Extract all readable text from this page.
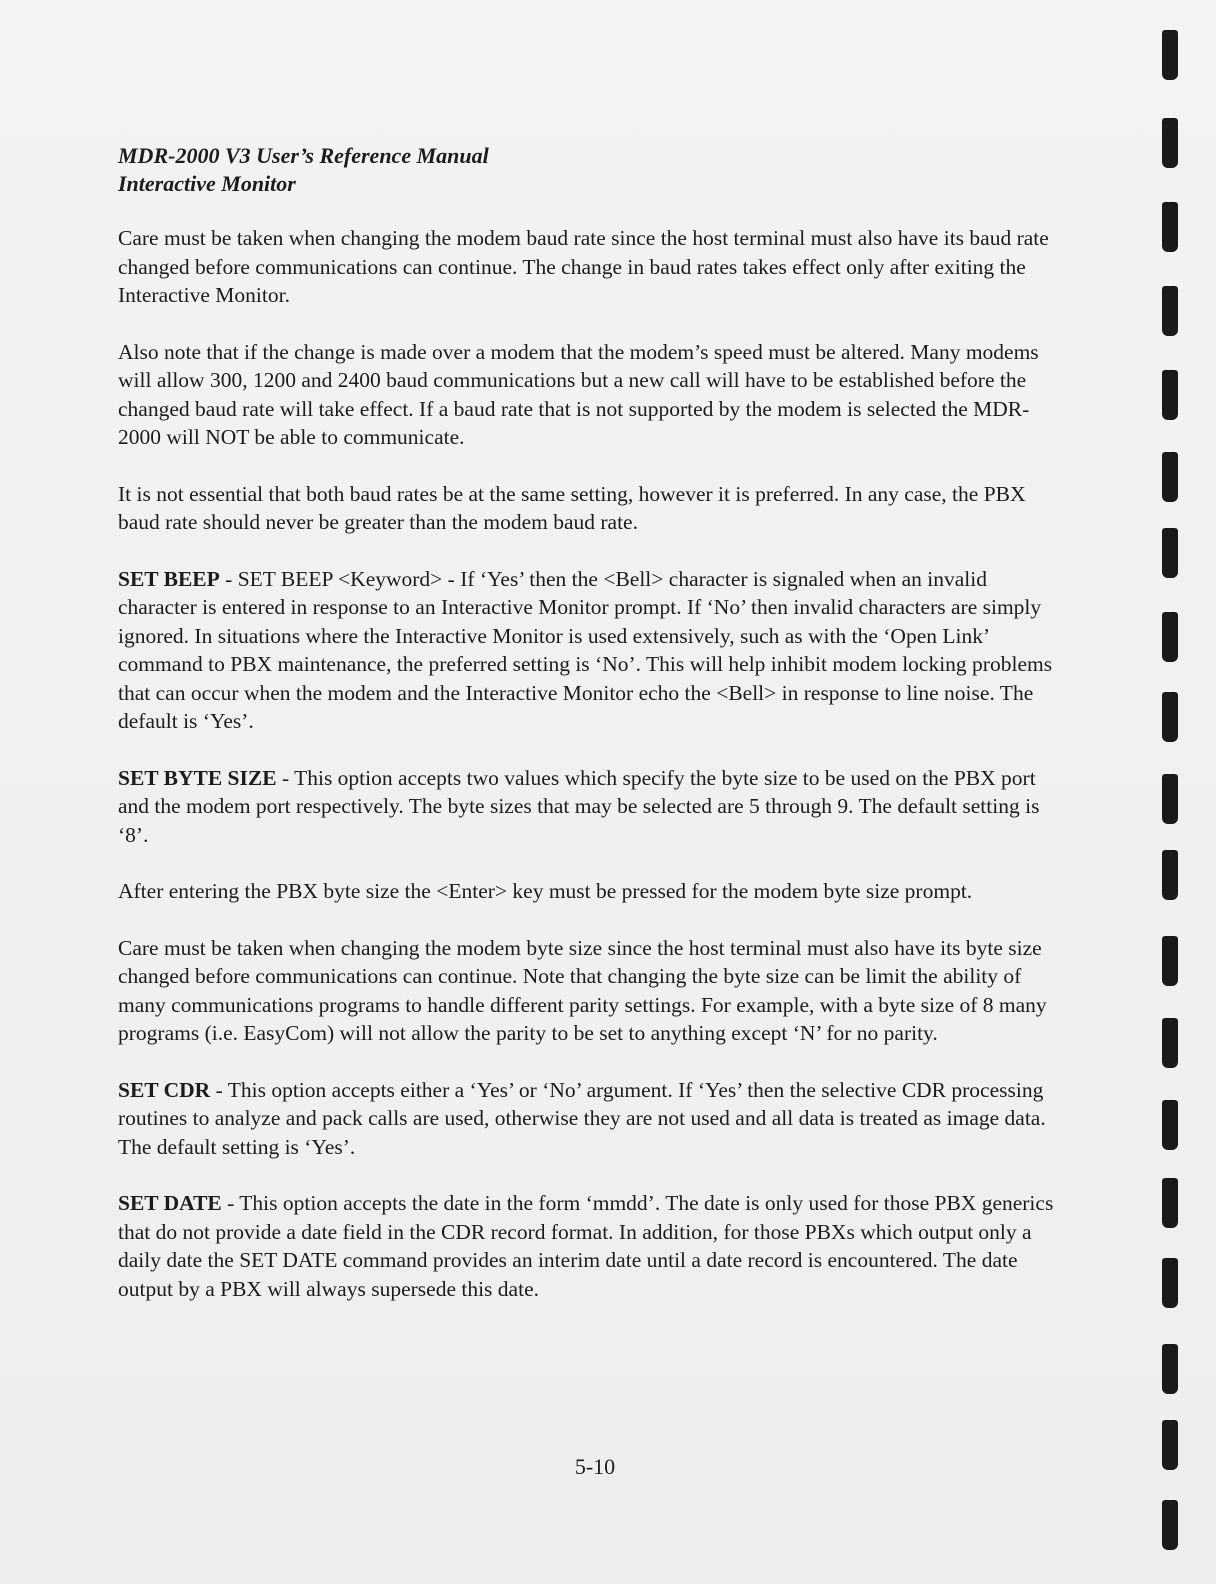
MDR-2000 V3 User’s Reference Manual
Interactive Monitor

Care must be taken when changing the modem baud rate since the host terminal must also have its baud rate changed before communications can continue. The change in baud rates takes effect only after exiting the Interactive Monitor.

Also note that if the change is made over a modem that the modem’s speed must be altered. Many modems will allow 300, 1200 and 2400 baud communications but a new call will have to be established before the changed baud rate will take effect. If a baud rate that is not supported by the modem is selected the MDR-2000 will NOT be able to communicate.

It is not essential that both baud rates be at the same setting, however it is preferred. In any case, the PBX baud rate should never be greater than the modem baud rate.

SET BEEP - SET BEEP <Keyword> - If ‘Yes’ then the <Bell> character is signaled when an invalid character is entered in response to an Interactive Monitor prompt. If ‘No’ then invalid characters are simply ignored. In situations where the Interactive Monitor is used extensively, such as with the ‘Open Link’ command to PBX maintenance, the preferred setting is ‘No’. This will help inhibit modem locking problems that can occur when the modem and the Interactive Monitor echo the <Bell> in response to line noise. The default is ‘Yes’.

SET BYTE SIZE - This option accepts two values which specify the byte size to be used on the PBX port and the modem port respectively. The byte sizes that may be selected are 5 through 9. The default setting is ‘8’.

After entering the PBX byte size the <Enter> key must be pressed for the modem byte size prompt.

Care must be taken when changing the modem byte size since the host terminal must also have its byte size changed before communications can continue. Note that changing the byte size can be limit the ability of many communications programs to handle different parity settings. For example, with a byte size of 8 many programs (i.e. EasyCom) will not allow the parity to be set to anything except ‘N’ for no parity.

SET CDR - This option accepts either a ‘Yes’ or ‘No’ argument. If ‘Yes’ then the selective CDR processing routines to analyze and pack calls are used, otherwise they are not used and all data is treated as image data. The default setting is ‘Yes’.

SET DATE - This option accepts the date in the form ‘mmdd’. The date is only used for those PBX generics that do not provide a date field in the CDR record format. In addition, for those PBXs which output only a daily date the SET DATE command provides an interim date until a date record is encountered. The date output by a PBX will always supersede this date.

5-10
